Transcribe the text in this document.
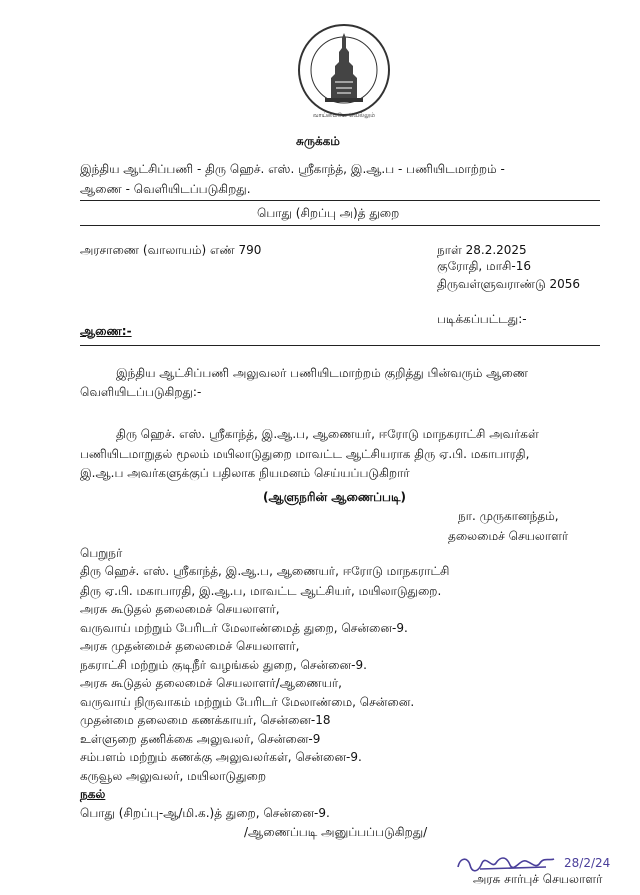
வாய்மையே வெல்லும்
சுருக்கம்
இந்திய ஆட்சிப்பணி - திரு ஹெச். எஸ். ஸ்ரீகாந்த், இ.ஆ.ப - பணியிடமாற்றம் -
ஆணை - வெளியிடப்படுகிறது.
பொது (சிறப்பு அ)த் துறை
அரசாணை (வாலாயம்) எண் 790	நாள் 28.2.2025
குரோதி, மாசி-16
திருவள்ளுவராண்டு 2056
படிக்கப்பட்டது:-
ஆணை:-
இந்திய ஆட்சிப்பணி அலுவலர் பணியிடமாற்றம் குறித்து பின்வரும் ஆணை
வெளியிடப்படுகிறது:-
திரு ஹெச். எஸ். ஸ்ரீகாந்த், இ.ஆ.ப, ஆணையர், ஈரோடு மாநகராட்சி அவர்கள்
பணியிடமாறுதல் மூலம் மயிலாடுதுறை மாவட்ட ஆட்சியராக திரு ஏ.பி. மகாபாரதி,
இ.ஆ.ப அவர்களுக்குப் பதிலாக நியமனம் செய்யப்படுகிறார்
(ஆளுநரின் ஆணைப்படி)
நா. முருகானந்தம்,
தலைமைச் செயலாளர்
பெறுநர்
திரு ஹெச். எஸ். ஸ்ரீகாந்த், இ.ஆ.ப, ஆணையர், ஈரோடு மாநகராட்சி
திரு ஏ.பி. மகாபாரதி, இ.ஆ.ப, மாவட்ட ஆட்சியர், மயிலாடுதுறை.
அரசு கூடுதல் தலைமைச் செயலாளர்,
வருவாய் மற்றும் பேரிடர் மேலாண்மைத் துறை, சென்னை-9.
அரசு முதன்மைச் தலைமைச் செயலாளர்,
நகராட்சி மற்றும் குடிநீர் வழங்கல் துறை, சென்னை-9.
அரசு கூடுதல் தலைமைச் செயலாளர்/ஆணையர்,
வருவாய் நிருவாகம் மற்றும் பேரிடர் மேலாண்மை, சென்னை.
முதன்மை தலைமை கணக்காயர், சென்னை-18
உள்ளுறை தணிக்கை அலுவலர், சென்னை-9
சம்பளம் மற்றும் கணக்கு அலுவலர்கள், சென்னை-9.
கருவூல அலுவலர், மயிலாடுதுறை
நகல்
பொது (சிறப்பு-ஆ/மி.க.)த் துறை, சென்னை-9.
/ஆணைப்படி அனுப்பப்படுகிறது/
28/2/24
அரசு சார்புச் செயலாளர்
